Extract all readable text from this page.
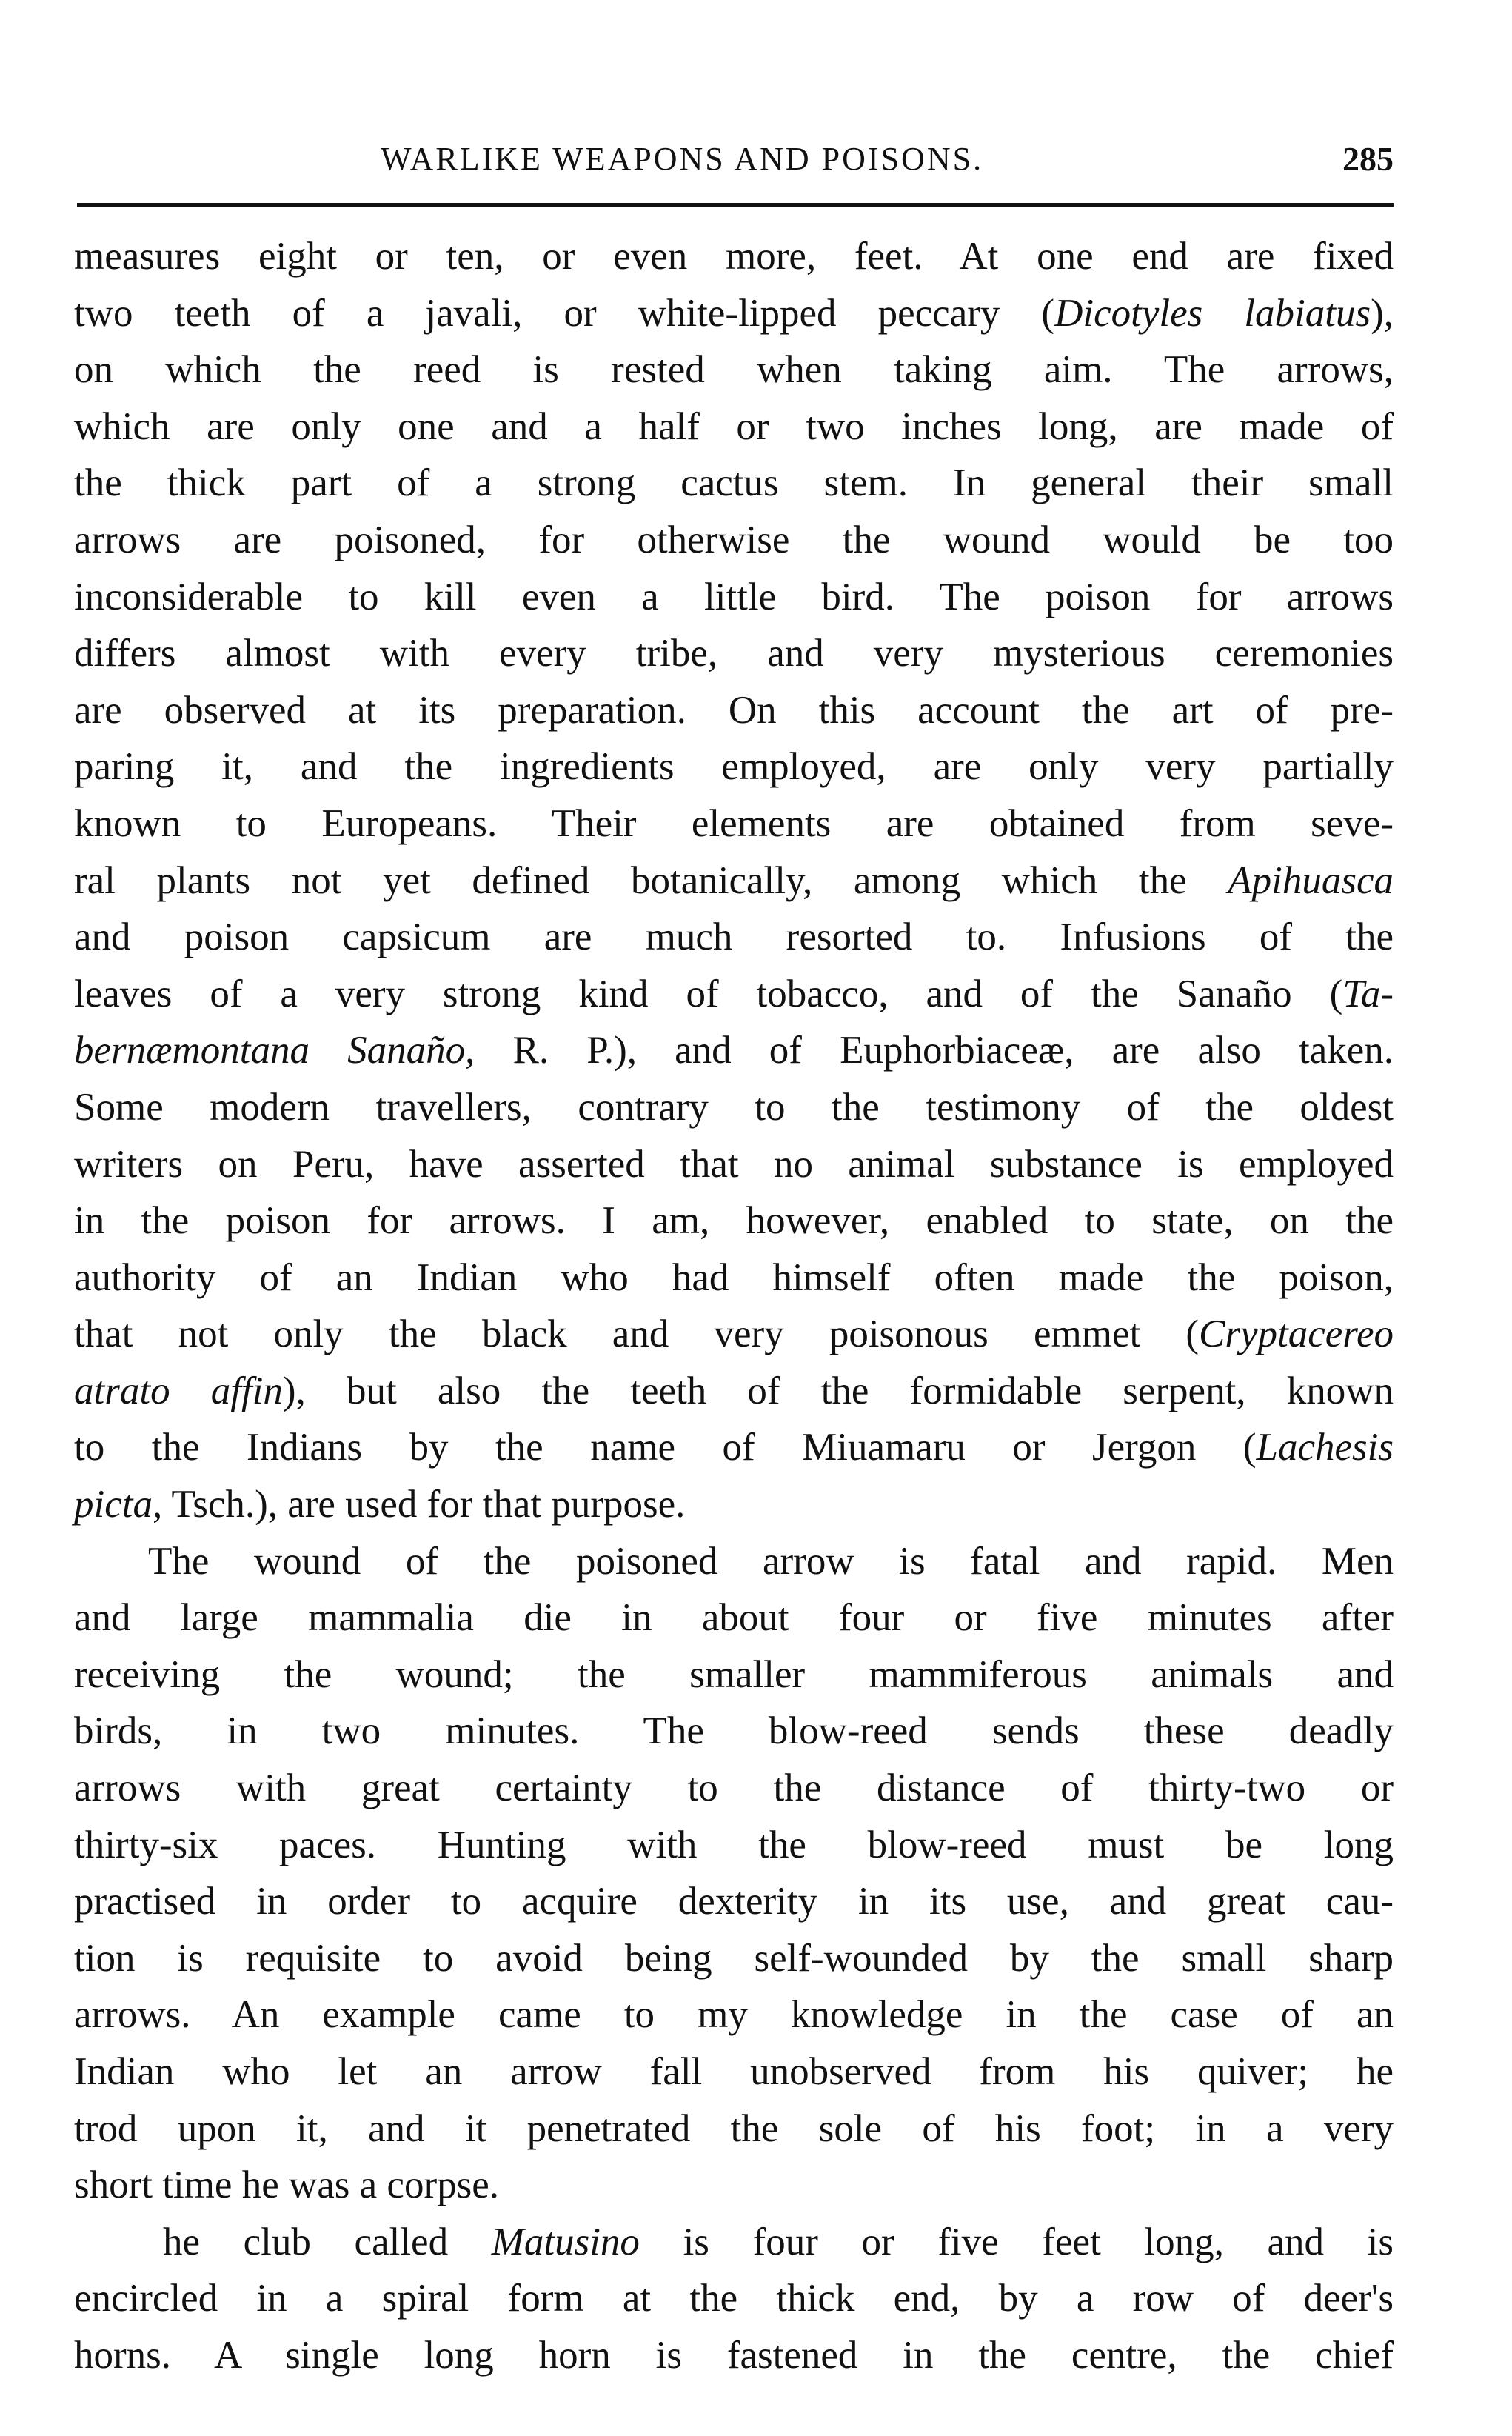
WARLIKE WEAPONS AND POISONS.	285
measures eight or ten, or even more, feet. At one end are fixed
two teeth of a javali, or white-lipped peccary (Dicotyles labiatus),
on which the reed is rested when taking aim. The arrows,
which are only one and a half or two inches long, are made of
the thick part of a strong cactus stem. In general their small
arrows are poisoned, for otherwise the wound would be too
inconsiderable to kill even a little bird. The poison for arrows
differs almost with every tribe, and very mysterious ceremonies
are observed at its preparation. On this account the art of pre-
paring it, and the ingredients employed, are only very partially
known to Europeans. Their elements are obtained from seve-
ral plants not yet defined botanically, among which the Apihuasca
and poison capsicum are much resorted to. Infusions of the
leaves of a very strong kind of tobacco, and of the Sanaño (Ta-
bernæmontana Sanaño, R. P.), and of Euphorbiaceæ, are also taken.
Some modern travellers, contrary to the testimony of the oldest
writers on Peru, have asserted that no animal substance is employed
in the poison for arrows. I am, however, enabled to state, on the
authority of an Indian who had himself often made the poison,
that not only the black and very poisonous emmet (Cryptacereo
atrato affin), but also the teeth of the formidable serpent, known
to the Indians by the name of Miuamaru or Jergon (Lachesis
picta, Tsch.), are used for that purpose.
The wound of the poisoned arrow is fatal and rapid. Men
and large mammalia die in about four or five minutes after
receiving the wound; the smaller mammiferous animals and
birds, in two minutes. The blow-reed sends these deadly
arrows with great certainty to the distance of thirty-two or
thirty-six paces. Hunting with the blow-reed must be long
practised in order to acquire dexterity in its use, and great cau-
tion is requisite to avoid being self-wounded by the small sharp
arrows. An example came to my knowledge in the case of an
Indian who let an arrow fall unobserved from his quiver; he
trod upon it, and it penetrated the sole of his foot; in a very
short time he was a corpse.
he club called Matusino is four or five feet long, and is
encircled in a spiral form at the thick end, by a row of deer's
horns. A single long horn is fastened in the centre, the chief
